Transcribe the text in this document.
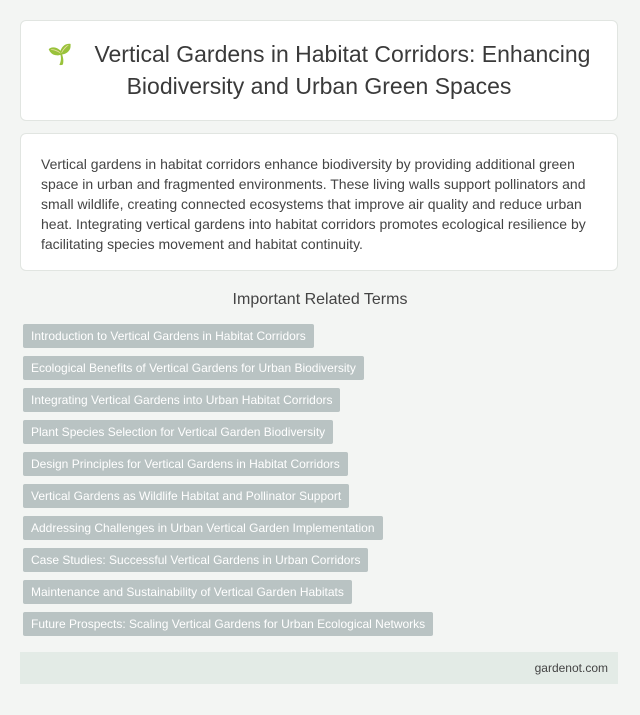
🌱 Vertical Gardens in Habitat Corridors: Enhancing Biodiversity and Urban Green Spaces

Vertical gardens in habitat corridors enhance biodiversity by providing additional green space in urban and fragmented environments. These living walls support pollinators and small wildlife, creating connected ecosystems that improve air quality and reduce urban heat. Integrating vertical gardens into habitat corridors promotes ecological resilience by facilitating species movement and habitat continuity.

Important Related Terms
Introduction to Vertical Gardens in Habitat Corridors
Ecological Benefits of Vertical Gardens for Urban Biodiversity
Integrating Vertical Gardens into Urban Habitat Corridors
Plant Species Selection for Vertical Garden Biodiversity
Design Principles for Vertical Gardens in Habitat Corridors
Vertical Gardens as Wildlife Habitat and Pollinator Support
Addressing Challenges in Urban Vertical Garden Implementation
Case Studies: Successful Vertical Gardens in Urban Corridors
Maintenance and Sustainability of Vertical Garden Habitats
Future Prospects: Scaling Vertical Gardens for Urban Ecological Networks
gardenot.com
